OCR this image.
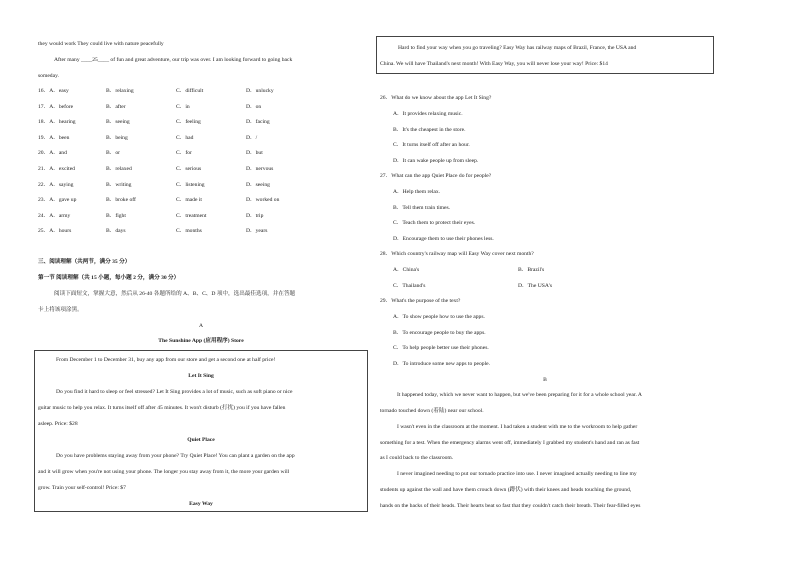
they would work They could live with nature peacefully
After many ____25____ of fun and great adventure, our trip was over. I am looking forward to going back
someday.
16．A．easy	B．relaxing	C．difficult	D．unlucky
17．A．before	B．after	C．in	D．on
18．A．hearing	B．seeing	C．feeling	D．facing
19．A．been	B．being	C．had	D．/
20．A．and	B．or	C．for	D．but
21．A．excited	B．relaxed	C．serious	D．nervous
22．A．saying	B．writing	C．listening	D．seeing
23．A．gave up	B．broke off	C．made it	D．worked on
24．A．army	B．fight	C．treatment	D．trip
25．A．hours	B．days	C．months	D．years
三、阅读理解（共两节，满分 35 分）
第一节 阅读理解（共 15 小题，每小题 2 分，满分 30 分）
阅读下面短文，掌握大意，然后从 26-40 各题所给的 A、B、C、D 项中，选出最佳选项，并在答题
卡上将该项涂黑。
A
The Sunshine App (应用程序) Store
From December 1 to December 31, buy any app from our store and get a second one at half price!
Let It Sing
Do you find it hard to sleep or feel stressed? Let It Sing provides a lot of music, such as soft piano or nice
guitar music to help you relax. It turns itself off after 45 minutes. It won't disturb (打扰) you if you have fallen
asleep. Price: $28
Quiet Place
Do you have problems staying away from your phone? Try Quiet Place! You can plant a garden on the app
and it will grow when you're not using your phone. The longer you stay away from it, the more your garden will
grow. Train your self-control! Price: $7
Easy Way
Hard to find your way when you go traveling? Easy Way has railway maps of Brazil, France, the USA and
China. We will have Thailand's next month! With Easy Way, you will never lose your way! Price: $14
26．What do we know about the app Let It Sing?
A．It provides relaxing music.
B．It's the cheapest in the store.
C．It turns itself off after an hour.
D．It can wake people up from sleep.
27．What can the app Quiet Place do for people?
A．Help them relax.
B．Tell them train times.
C．Teach them to protect their eyes.
D．Encourage them to use their phones less.
28．Which country's railway map will Easy Way cover next month?
A．China's	B．Brazil's
C．Thailand's	D．The USA's
29．What's the purpose of the text?
A．To show people how to use the apps.
B．To encourage people to buy the apps.
C．To help people better use their phones.
D．To introduce some new apps to people.
B
It happened today, which we never want to happen, but we've been preparing for it for a whole school year. A
tornado touched down (着陆) near our school.
I wasn't even in the classroom at the moment. I had taken a student with me to the workroom to help gather
something for a test. When the emergency alarms went off, immediately I grabbed my student's hand and ran as fast
as I could back to the classroom.
I never imagined needing to put our tornado practice into use. I never imagined actually needing to line my
students up against the wall and have them crouch down (蹲伏) with their knees and heads touching the ground,
hands on the backs of their heads. Their hearts beat so fast that they couldn't catch their breath. Their fear-filled eyes
